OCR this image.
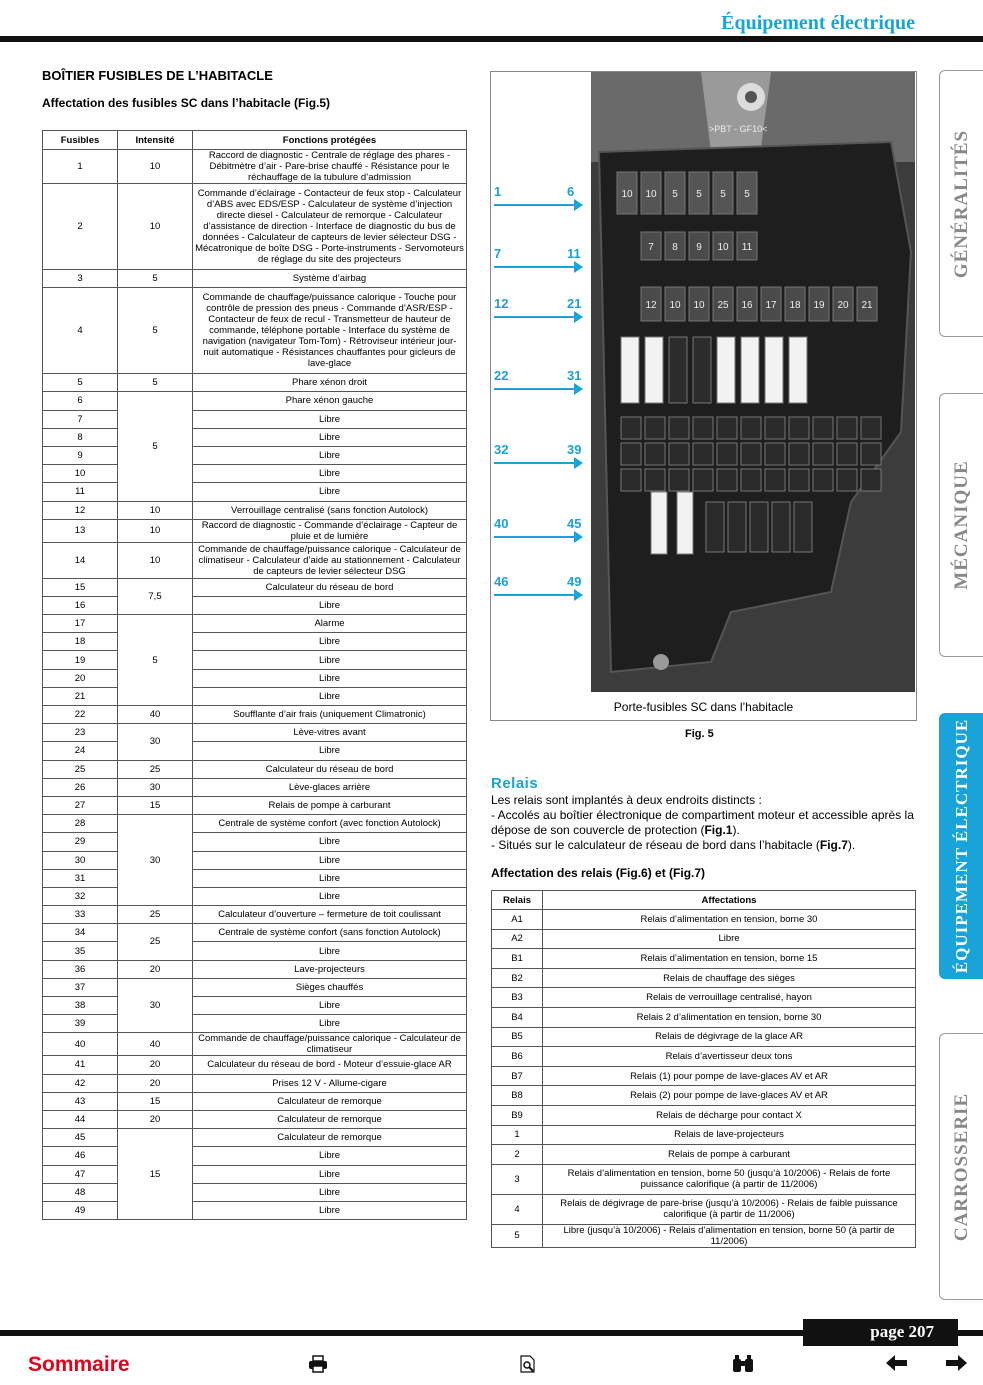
Équipement électrique
BOÎTIER FUSIBLES DE L’HABITACLE
Affectation des fusibles SC dans l’habitacle (Fig.5)
Fusibles	Intensité	Fonctions protégées
1	10	Raccord de diagnostic - Centrale de réglage des phares - Débitmètre d’air - Pare-brise chauffé - Résistance pour le réchauffage de la tubulure d’admission
2	10	Commande d’éclairage - Contacteur de feux stop - Calculateur d’ABS avec EDS/ESP - Calculateur de système d’injection directe diesel - Calculateur de remorque - Calculateur d’assistance de direction - Interface de diagnostic du bus de données - Calculateur de capteurs de levier sélecteur DSG - Mécatronique de boîte DSG - Porte-instruments - Servomoteurs de réglage du site des projecteurs
3	5	Système d’airbag
4	5	Commande de chauffage/puissance calorique - Touche pour contrôle de pression des pneus - Commande d’ASR/ESP - Contacteur de feux de recul - Transmetteur de hauteur de commande, téléphone portable - Interface du système de navigation (navigateur Tom-Tom) - Rétroviseur intérieur jour-nuit automatique - Résistances chauffantes pour gicleurs de lave-glace
5	5	Phare xénon droit
6	5	Phare xénon gauche
7		Libre
8		Libre
9		Libre
10		Libre
11		Libre
12	10	Verrouillage centralisé (sans fonction Autolock)
13	10	Raccord de diagnostic - Commande d’éclairage - Capteur de pluie et de lumière
14	10	Commande de chauffage/puissance calorique - Calculateur de climatiseur - Calculateur d’aide au stationnement - Calculateur de capteurs de levier sélecteur DSG
15	7,5	Calculateur du réseau de bord
16		Libre
17	5	Alarme
18		Libre
19		Libre
20		Libre
21		Libre
22	40	Soufflante d’air frais (uniquement Climatronic)
23	30	Lève-vitres avant
24		Libre
25	25	Calculateur du réseau de bord
26	30	Lève-glaces arrière
27	15	Relais de pompe à carburant
28	30	Centrale de système confort (avec fonction Autolock)
29		Libre
30		Libre
31		Libre
32		Libre
33	25	Calculateur d’ouverture – fermeture de toit coulissant
34	25	Centrale de système confort (sans fonction Autolock)
35		Libre
36	20	Lave-projecteurs
37	30	Sièges chauffés
38		Libre
39		Libre
40	40	Commande de chauffage/puissance calorique - Calculateur de climatiseur
41	20	Calculateur du réseau de bord - Moteur d’essuie-glace AR
42	20	Prises 12 V - Allume-cigare
43	15	Calculateur de remorque
44	20	Calculateur de remorque
45	15	Calculateur de remorque
46		Libre
47		Libre
48		Libre
49		Libre
1	6
7	11
12	21
22	31
32	39
40	45
46	49
10 10 5 5 5 5
7 8 9 10 11
12 10 10 25 16 17 18 19 20 21
>PBT - GF10<
Porte-fusibles SC dans l’habitacle
Fig. 5
Relais
Les relais sont implantés à deux endroits distincts :
- Accolés au boîtier électronique de compartiment moteur et accessible après la dépose de son couvercle de protection (Fig.1).
- Situés sur le calculateur de réseau de bord dans l’habitacle (Fig.7).
Affectation des relais (Fig.6) et (Fig.7)
Relais	Affectations
A1	Relais d’alimentation en tension, borne 30
A2	Libre
B1	Relais d’alimentation en tension, borne 15
B2	Relais de chauffage des sièges
B3	Relais de verrouillage centralisé, hayon
B4	Relais 2 d’alimentation en tension, borne 30
B5	Relais de dégivrage de la glace AR
B6	Relais d’avertisseur deux tons
B7	Relais (1) pour pompe de lave-glaces AV et AR
B8	Relais (2) pour pompe de lave-glaces AV et AR
B9	Relais de décharge pour contact X
1	Relais de lave-projecteurs
2	Relais de pompe à carburant
3	Relais d’alimentation en tension, borne 50 (jusqu’à 10/2006) - Relais de forte puissance calorifique (à partir de 11/2006)
4	Relais de dégivrage de pare-brise (jusqu’à 10/2006) - Relais de faible puissance calorifique (à partir de 11/2006)
5	Libre (jusqu’à 10/2006) - Relais d’alimentation en tension, borne 50 (à partir de 11/2006)
GÉNÉRALITÉS
MÉCANIQUE
ÉQUIPEMENT ÉLECTRIQUE
CARROSSERIE
page 207
Sommaire
